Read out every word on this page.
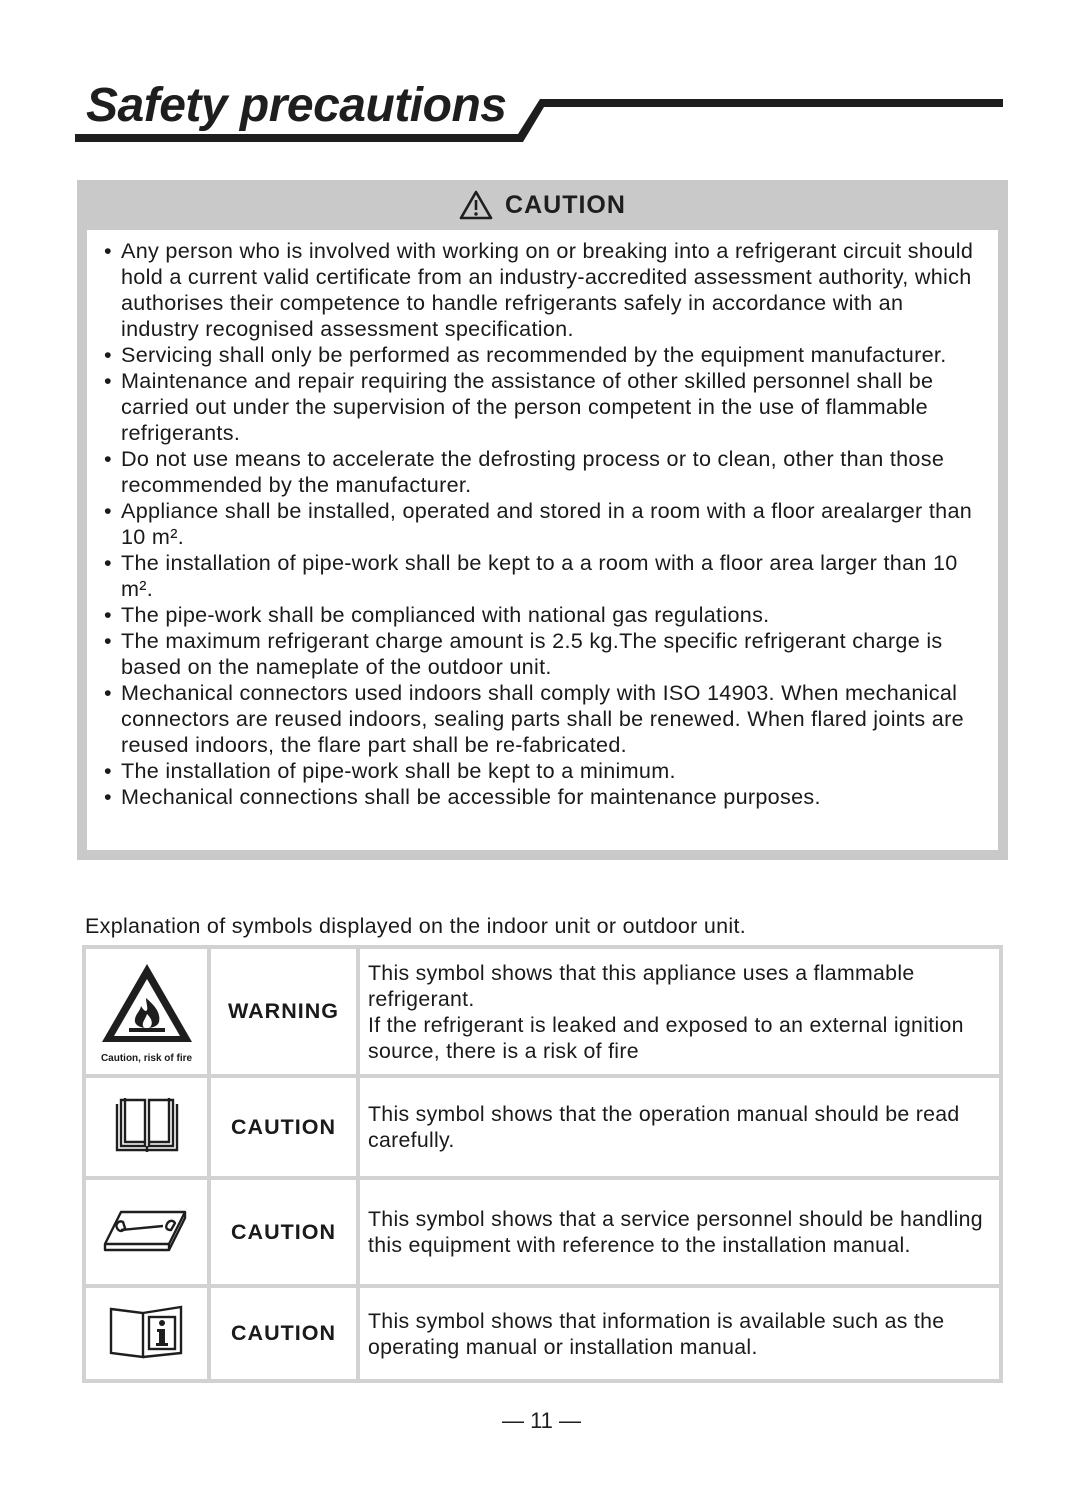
Safety precautions
CAUTION
• Any person who is involved with working on or breaking into a refrigerant circuit should hold a current valid certificate from an industry-accredited assessment authority, which authorises their competence to handle refrigerants safely in accordance with an industry recognised assessment specification.
• Servicing shall only be performed as recommended by the equipment manufacturer.
• Maintenance and repair requiring the assistance of other skilled personnel shall be carried out under the supervision of the person competent in the use of flammable refrigerants.
• Do not use means to accelerate the defrosting process or to clean, other than those recommended by the manufacturer.
• Appliance shall be installed, operated and stored in a room with a floor arealarger than 10 m².
• The installation of pipe-work shall be kept to a a room with a floor area larger than 10 m².
• The pipe-work shall be complianced with national gas regulations.
• The maximum refrigerant charge amount is 2.5 kg.The specific refrigerant charge is based on the nameplate of the outdoor unit.
• Mechanical connectors used indoors shall comply with ISO 14903. When mechanical connectors are reused indoors, sealing parts shall be renewed. When flared joints are reused indoors, the flare part shall be re-fabricated.
• The installation of pipe-work shall be kept to a minimum.
• Mechanical connections shall be accessible for maintenance purposes.
Explanation of symbols displayed on the indoor unit or outdoor unit.
Caution, risk of fire	WARNING	This symbol shows that this appliance uses a flammable refrigerant.
If the refrigerant is leaked and exposed to an external ignition source, there is a risk of fire

	CAUTION	This symbol shows that the operation manual should be read carefully.

	CAUTION	This symbol shows that a service personnel should be handling this equipment with reference to the installation manual.

	CAUTION	This symbol shows that information is available such as the operating manual or installation manual.
— 11 —
